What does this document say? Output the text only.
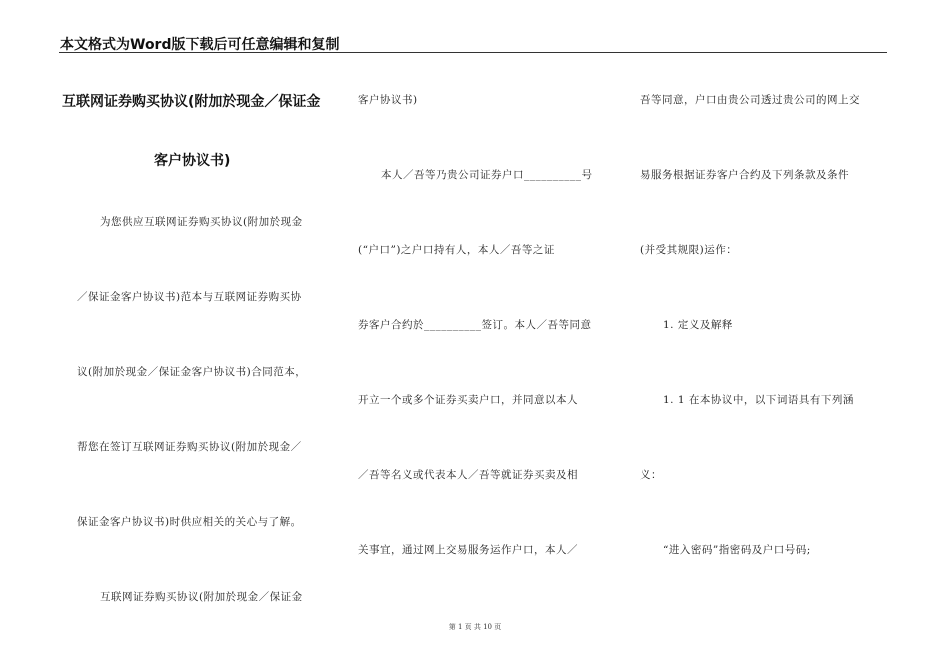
本文格式为Word版下载后可任意编辑和复制
互联网证券购买协议(附加於现金／保证金
客户协议书)
为您供应互联网证券购买协议(附加於现金
／保证金客户协议书)范本与互联网证券购买协
议(附加於现金／保证金客户协议书)合同范本，
帮您在签订互联网证券购买协议(附加於现金／
保证金客户协议书)时供应相关的关心与了解。
互联网证券购买协议(附加於现金／保证金
客户协议书)
本人／吾等乃贵公司证券户口__________号
(“户口”)之户口持有人，本人／吾等之证
券客户合约於__________签订。本人／吾等同意
开立一个或多个证券买卖户口，并同意以本人
／吾等名义或代表本人／吾等就证券买卖及相
关事宜，通过网上交易服务运作户口，本人／
吾等同意，户口由贵公司透过贵公司的网上交
易服务根据证券客户合约及下列条款及条件
(并受其规限)运作：
1. 定义及解释
1. 1 在本协议中，以下词语具有下列涵
义：
“进入密码”指密码及户口号码;
第 1 页 共 10 页
